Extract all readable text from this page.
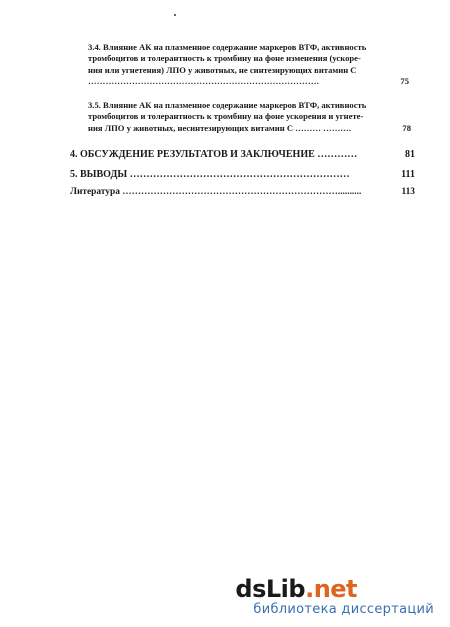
3.4. Влияние АК на плазменное содержание маркеров ВТФ, активность
тромбоцитов и толерантность к тромбину на фоне изменения (ускоре-
ния или угнетения) ЛПО у животных, не синтезирующих витамин С
…………………………………………………………………….	75
3.5. Влияние АК на плазменное содержание маркеров ВТФ, активность
тромбоцитов и толерантность к тромбину на фоне ускорения и угнете-
ния ЛПО у животных, несинтезирующих витамин С ……… ……….	78
4. ОБСУЖДЕНИЕ РЕЗУЛЬТАТОВ И ЗАКЛЮЧЕНИЕ …………	81
5. ВЫВОДЫ …………………………………………………………	111
Литература ……………………………………………………………..........	113
dsLib.net
библиотека диссертаций
